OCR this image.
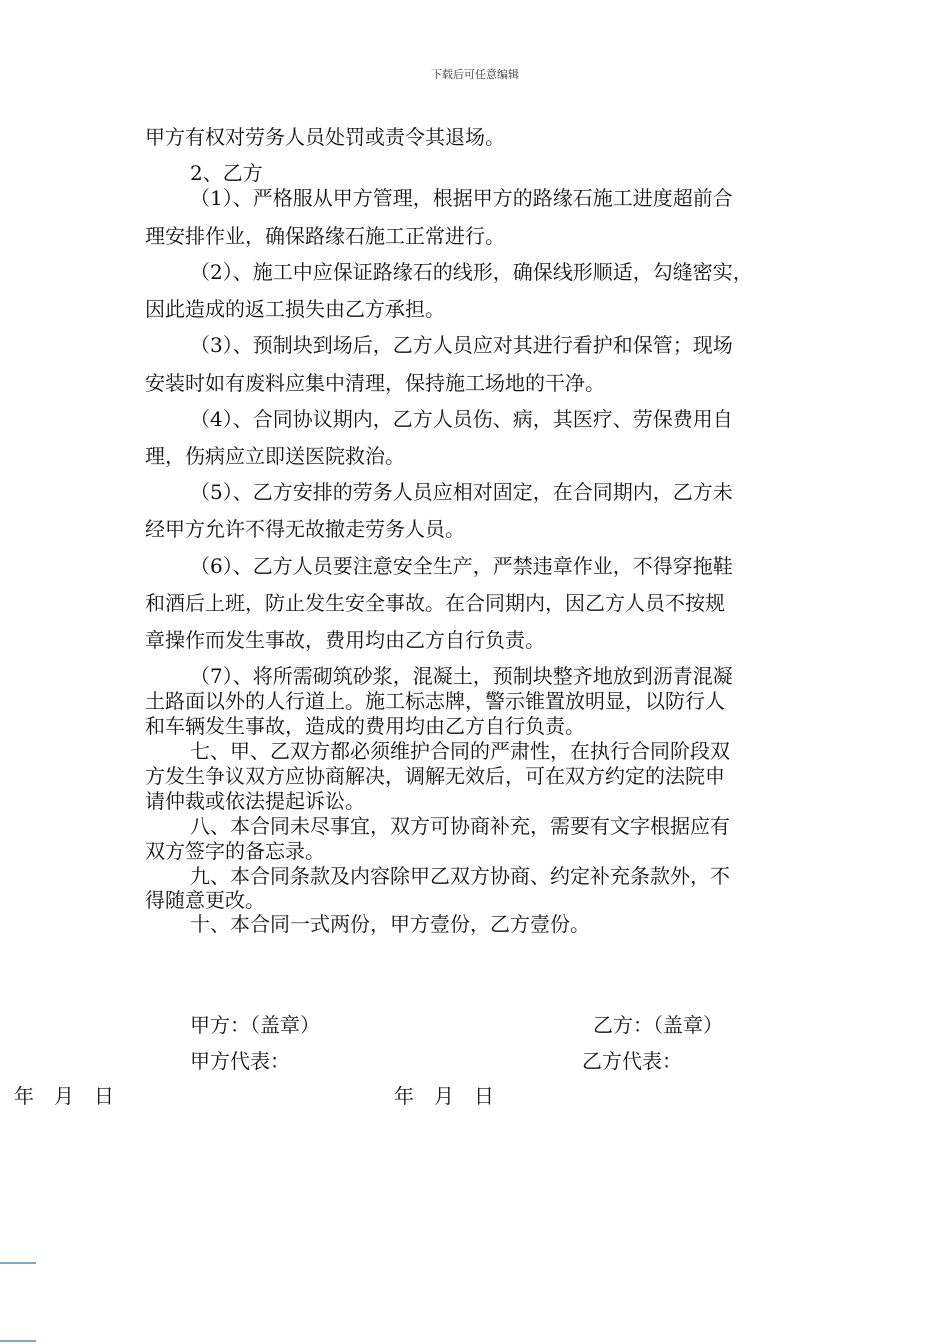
下载后可任意编辑
甲方有权对劳务人员处罚或责令其退场。
2、乙方
（1）、严格服从甲方管理，根据甲方的路缘石施工进度超前合
理安排作业，确保路缘石施工正常进行。
（2）、施工中应保证路缘石的线形，确保线形顺适，勾缝密实，
因此造成的返工损失由乙方承担。
（3）、预制块到场后，乙方人员应对其进行看护和保管；现场
安装时如有废料应集中清理，保持施工场地的干净。
（4）、合同协议期内，乙方人员伤、病，其医疗、劳保费用自
理，伤病应立即送医院救治。
（5）、乙方安排的劳务人员应相对固定，在合同期内，乙方未
经甲方允许不得无故撤走劳务人员。
（6）、乙方人员要注意安全生产，严禁违章作业，不得穿拖鞋
和酒后上班，防止发生安全事故。在合同期内，因乙方人员不按规
章操作而发生事故，费用均由乙方自行负责。
（7）、将所需砌筑砂浆，混凝土，预制块整齐地放到沥青混凝
土路面以外的人行道上。施工标志牌，警示锥置放明显，以防行人
和车辆发生事故，造成的费用均由乙方自行负责。
七、甲、乙双方都必须维护合同的严肃性，在执行合同阶段双
方发生争议双方应协商解决，调解无效后，可在双方约定的法院申
请仲裁或依法提起诉讼。
八、本合同未尽事宜，双方可协商补充，需要有文字根据应有
双方签字的备忘录。
九、本合同条款及内容除甲乙双方协商、约定补充条款外，不
得随意更改。
十、本合同一式两份，甲方壹份，乙方壹份。
甲方：（盖章）	乙方：（盖章）
甲方代表：	乙方代表：
年　月　日	年　月　日
